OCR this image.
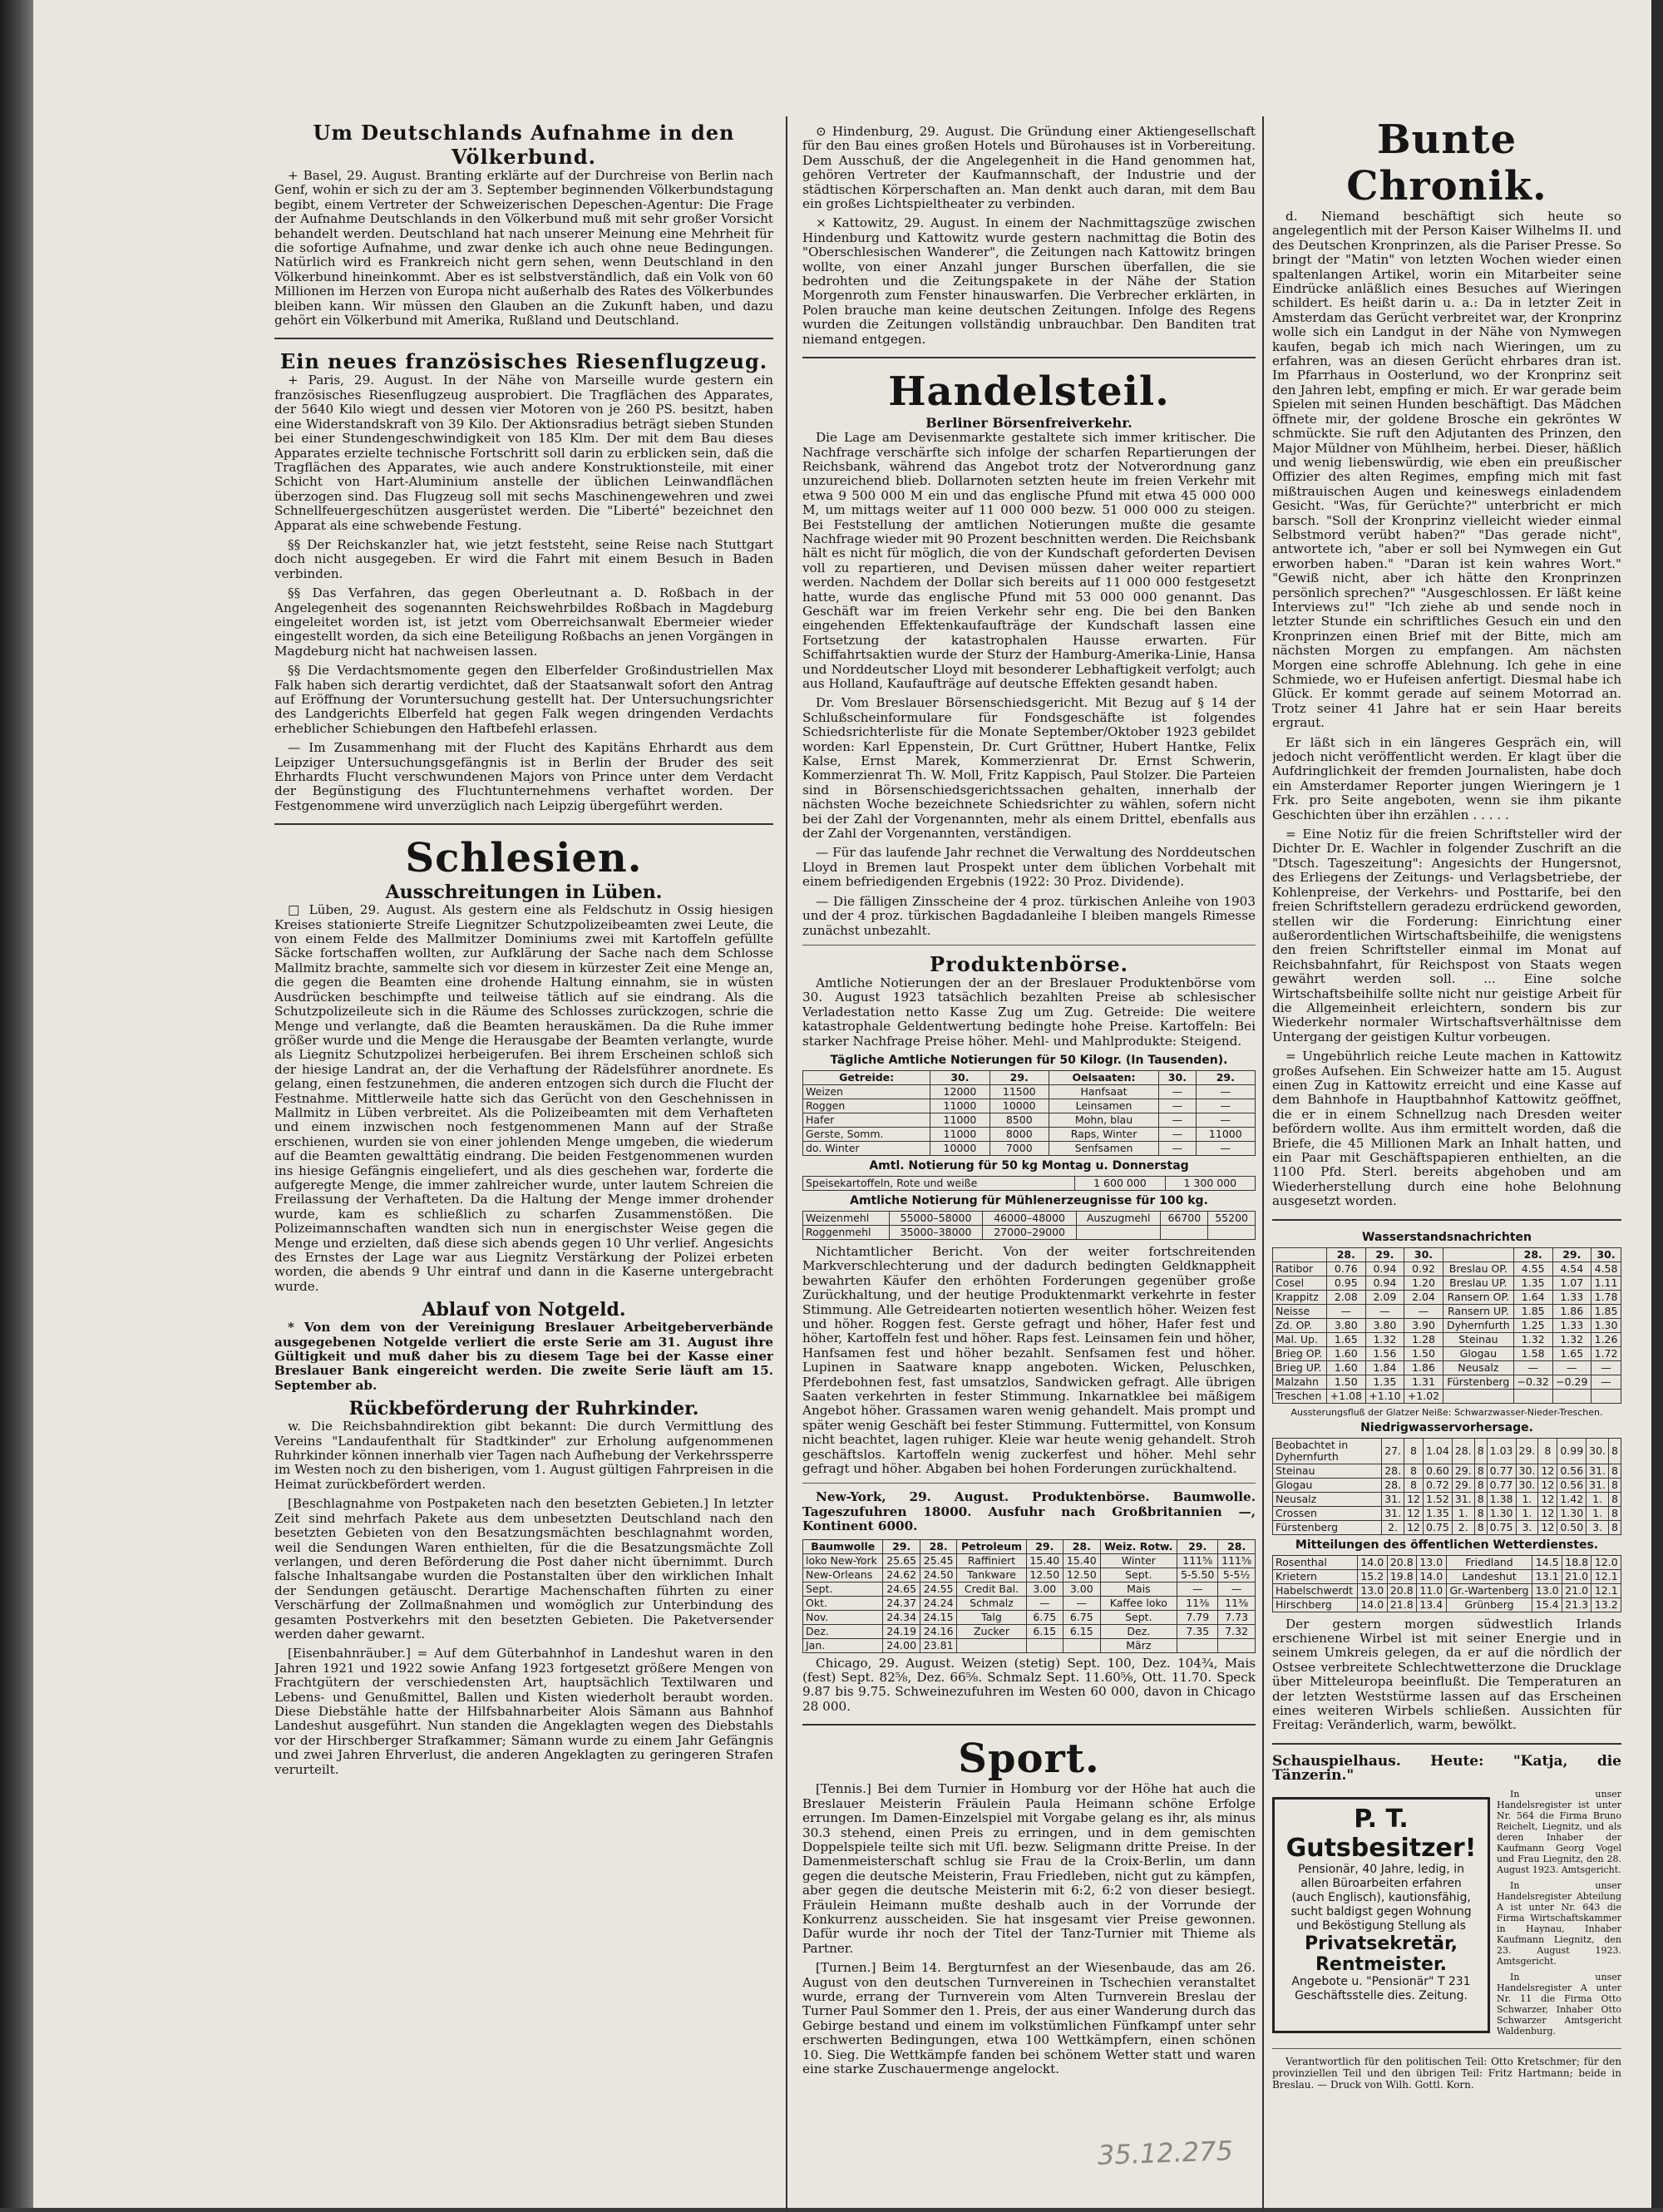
Um Deutschlands Aufnahme in den Völkerbund.

+ Basel, 29. August. Branting erklärte auf der Durchreise von Berlin nach Genf, wohin er sich zu der am 3. September beginnenden Völkerbundstagung begibt, einem Vertreter der Schweizerischen Depeschen-Agentur: Die Frage der Aufnahme Deutschlands in den Völkerbund muß mit sehr großer Vorsicht behandelt werden. Deutschland hat nach unserer Meinung eine Mehrheit für die sofortige Aufnahme, und zwar denke ich auch ohne neue Bedingungen. Natürlich wird es Frankreich nicht gern sehen, wenn Deutschland in den Völkerbund hineinkommt. Aber es ist selbstverständlich, daß ein Volk von 60 Millionen im Herzen von Europa nicht außerhalb des Rates des Völkerbundes bleiben kann. Wir müssen den Glauben an die Zukunft haben, und dazu gehört ein Völkerbund mit Amerika, Rußland und Deutschland.

Ein neues französisches Riesenflugzeug.

+ Paris, 29. August. In der Nähe von Marseille wurde gestern ein französisches Riesenflugzeug ausprobiert. Die Tragflächen des Apparates, der 5640 Kilo wiegt und dessen vier Motoren von je 260 PS. besitzt, haben eine Widerstandskraft von 39 Kilo. Der Aktionsradius beträgt sieben Stunden bei einer Stundengeschwindigkeit von 185 Klm. Der mit dem Bau dieses Apparates erzielte technische Fortschritt soll darin zu erblicken sein, daß die Tragflächen des Apparates, wie auch andere Konstruktionsteile, mit einer Schicht von Hart-Aluminium anstelle der üblichen Leinwandflächen überzogen sind. Das Flugzeug soll mit sechs Maschinengewehren und zwei Schnellfeuergeschützen ausgerüstet werden. Die "Liberté" bezeichnet den Apparat als eine schwebende Festung.

§§ Der Reichskanzler hat, wie jetzt feststeht, seine Reise nach Stuttgart doch nicht ausgegeben. Er wird die Fahrt mit einem Besuch in Baden verbinden.

§§ Das Verfahren, das gegen Oberleutnant a. D. Roßbach in der Angelegenheit des sogenannten Reichswehrbildes Roßbach in Magdeburg eingeleitet worden ist, ist jetzt vom Oberreichsanwalt Ebermeier wieder eingestellt worden, da sich eine Beteiligung Roßbachs an jenen Vorgängen in Magdeburg nicht hat nachweisen lassen.

§§ Die Verdachtsmomente gegen den Elberfelder Großindustriellen Max Falk haben sich derartig verdichtet, daß der Staatsanwalt sofort den Antrag auf Eröffnung der Voruntersuchung gestellt hat. Der Untersuchungsrichter des Landgerichts Elberfeld hat gegen Falk wegen dringenden Verdachts erheblicher Schiebungen den Haftbefehl erlassen.

— Im Zusammenhang mit der Flucht des Kapitäns Ehrhardt aus dem Leipziger Untersuchungsgefängnis ist in Berlin der Bruder des seit Ehrhardts Flucht verschwundenen Majors von Prince unter dem Verdacht der Begünstigung des Fluchtunternehmens verhaftet worden. Der Festgenommene wird unverzüglich nach Leipzig übergeführt werden.

Schlesien.

Ausschreitungen in Lüben.

□ Lüben, 29. August. Als gestern eine als Feldschutz in Ossig hiesigen Kreises stationierte Streife Liegnitzer Schutzpolizeibeamten zwei Leute, die von einem Felde des Mallmitzer Dominiums zwei mit Kartoffeln gefüllte Säcke fortschaffen wollten, zur Aufklärung der Sache nach dem Schlosse Mallmitz brachte, sammelte sich vor diesem in kürzester Zeit eine Menge an, die gegen die Beamten eine drohende Haltung einnahm, sie in wüsten Ausdrücken beschimpfte und teilweise tätlich auf sie eindrang. Als die Schutzpolizeileute sich in die Räume des Schlosses zurückzogen, schrie die Menge und verlangte, daß die Beamten herauskämen. Da die Ruhe immer größer wurde und die Menge die Herausgabe der Beamten verlangte, wurde als Liegnitz Schutzpolizei herbeigerufen. Bei ihrem Erscheinen schloß sich der hiesige Landrat an, der die Verhaftung der Rädelsführer anordnete. Es gelang, einen festzunehmen, die anderen entzogen sich durch die Flucht der Festnahme. Mittlerweile hatte sich das Gerücht von den Geschehnissen in Mallmitz in Lüben verbreitet. Als die Polizeibeamten mit dem Verhafteten und einem inzwischen noch festgenommenen Mann auf der Straße erschienen, wurden sie von einer johlenden Menge umgeben, die wiederum auf die Beamten gewalttätig eindrang. Die beiden Festgenommenen wurden ins hiesige Gefängnis eingeliefert, und als dies geschehen war, forderte die aufgeregte Menge, die immer zahlreicher wurde, unter lautem Schreien die Freilassung der Verhafteten. Da die Haltung der Menge immer drohender wurde, kam es schließlich zu scharfen Zusammenstößen. Die Polizeimannschaften wandten sich nun in energischster Weise gegen die Menge und erzielten, daß diese sich abends gegen 10 Uhr verlief. Angesichts des Ernstes der Lage war aus Liegnitz Verstärkung der Polizei erbeten worden, die abends 9 Uhr eintraf und dann in die Kaserne untergebracht wurde.

Ablauf von Notgeld.

* Von dem von der Vereinigung Breslauer Arbeitgeberverbände ausgegebenen Notgelde verliert die erste Serie am 31. August ihre Gültigkeit und muß daher bis zu diesem Tage bei der Kasse einer Breslauer Bank eingereicht werden. Die zweite Serie läuft am 15. September ab.

Rückbeförderung der Ruhrkinder.

w. Die Reichsbahndirektion gibt bekannt: Die durch Vermittlung des Vereins "Landaufenthalt für Stadtkinder" zur Erholung aufgenommenen Ruhrkinder können innerhalb vier Tagen nach Aufhebung der Verkehrssperre im Westen noch zu den bisherigen, vom 1. August gültigen Fahrpreisen in die Heimat zurückbefördert werden.

[Beschlagnahme von Postpaketen nach den besetzten Gebieten.] In letzter Zeit sind mehrfach Pakete aus dem unbesetzten Deutschland nach den besetzten Gebieten von den Besatzungsmächten beschlagnahmt worden, weil die Sendungen Waren enthielten, für die die Besatzungsmächte Zoll verlangen, und deren Beförderung die Post daher nicht übernimmt. Durch falsche Inhaltsangabe wurden die Postanstalten über den wirklichen Inhalt der Sendungen getäuscht. Derartige Machenschaften führten zu einer Verschärfung der Zollmaßnahmen und womöglich zur Unterbindung des gesamten Postverkehrs mit den besetzten Gebieten. Die Paketversender werden daher gewarnt.

[Eisenbahnräuber.] = Auf dem Güterbahnhof in Landeshut waren in den Jahren 1921 und 1922 sowie Anfang 1923 fortgesetzt größere Mengen von Frachtgütern der verschiedensten Art, hauptsächlich Textilwaren und Lebens- und Genußmittel, Ballen und Kisten wiederholt beraubt worden. Diese Diebstähle hatte der Hilfsbahnarbeiter Alois Sämann aus Bahnhof Landeshut ausgeführt. Nun standen die Angeklagten wegen des Diebstahls vor der Hirschberger Strafkammer; Sämann wurde zu einem Jahr Gefängnis und zwei Jahren Ehrverlust, die anderen Angeklagten zu geringeren Strafen verurteilt.

⊙ Hindenburg, 29. August. Die Gründung einer Aktiengesellschaft für den Bau eines großen Hotels und Bürohauses ist in Vorbereitung. Dem Ausschuß, der die Angelegenheit in die Hand genommen hat, gehören Vertreter der Kaufmannschaft, der Industrie und der städtischen Körperschaften an. Man denkt auch daran, mit dem Bau ein großes Lichtspieltheater zu verbinden.

× Kattowitz, 29. August. In einem der Nachmittagszüge zwischen Hindenburg und Kattowitz wurde gestern nachmittag die Botin des "Oberschlesischen Wanderer", die Zeitungen nach Kattowitz bringen wollte, von einer Anzahl junger Burschen überfallen, die sie bedrohten und die Zeitungspakete in der Nähe der Station Morgenroth zum Fenster hinauswarfen. Die Verbrecher erklärten, in Polen brauche man keine deutschen Zeitungen. Infolge des Regens wurden die Zeitungen vollständig unbrauchbar. Den Banditen trat niemand entgegen.

Handelsteil.

Berliner Börsenfreiverkehr.

Die Lage am Devisenmarkte gestaltete sich immer kritischer. Die Nachfrage verschärfte sich infolge der scharfen Repartierungen der Reichsbank, während das Angebot trotz der Notverordnung ganz unzureichend blieb. Dollarnoten setzten heute im freien Verkehr mit etwa 9 500 000 M ein und das englische Pfund mit etwa 45 000 000 M, um mittags weiter auf 11 000 000 bezw. 51 000 000 zu steigen. Bei Feststellung der amtlichen Notierungen mußte die gesamte Nachfrage wieder mit 90 Prozent beschnitten werden. Die Reichsbank hält es nicht für möglich, die von der Kundschaft geforderten Devisen voll zu repartieren, und Devisen müssen daher weiter repartiert werden. Nachdem der Dollar sich bereits auf 11 000 000 festgesetzt hatte, wurde das englische Pfund mit 53 000 000 genannt. Das Geschäft war im freien Verkehr sehr eng. Die bei den Banken eingehenden Effektenkaufaufträge der Kundschaft lassen eine Fortsetzung der katastrophalen Hausse erwarten. Für Schiffahrtsaktien wurde der Sturz der Hamburg-Amerika-Linie, Hansa und Norddeutscher Lloyd mit besonderer Lebhaftigkeit verfolgt; auch aus Holland, Kaufaufträge auf deutsche Effekten gesandt haben.

Dr. Vom Breslauer Börsenschiedsgericht. Mit Bezug auf § 14 der Schlußscheinformulare für Fondsgeschäfte ist folgendes Schiedsrichterliste für die Monate September/Oktober 1923 gebildet worden: Karl Eppenstein, Dr. Curt Grüttner, Hubert Hantke, Felix Kalse, Ernst Marek, Kommerzienrat Dr. Ernst Schwerin, Kommerzienrat Th. W. Moll, Fritz Kappisch, Paul Stolzer. Die Parteien sind in Börsenschiedsgerichtssachen gehalten, innerhalb der nächsten Woche bezeichnete Schiedsrichter zu wählen, sofern nicht bei der Zahl der Vorgenannten, mehr als einem Drittel, ebenfalls aus der Zahl der Vorgenannten, verständigen.

— Für das laufende Jahr rechnet die Verwaltung des Norddeutschen Lloyd in Bremen laut Prospekt unter dem üblichen Vorbehalt mit einem befriedigenden Ergebnis (1922: 30 Proz. Dividende).

— Die fälligen Zinsscheine der 4 proz. türkischen Anleihe von 1903 und der 4 proz. türkischen Bagdadanleihe I bleiben mangels Rimesse zunächst unbezahlt.

Produktenbörse.

Amtliche Notierungen der an der Breslauer Produktenbörse vom 30. August 1923 tatsächlich bezahlten Preise ab schlesischer Verladestation netto Kasse Zug um Zug. Getreide: Die weitere katastrophale Geldentwertung bedingte hohe Preise. Kartoffeln: Bei starker Nachfrage Preise höher. Mehl- und Mahlprodukte: Steigend.

Tägliche Amtliche Notierungen für 50 Kilogr. (In Tausenden).
Getreide:	30.	29.	Oelsaaten:	30.	29.
Weizen	12000	11500	Hanfsaat	—	—
Roggen	11000	10000	Leinsamen	—	—
Hafer	11000	8500	Mohn, blau	—	—
Gerste, Somm.	11000	8000	Raps, Winter	—	11000
do. Winter	10000	7000	Senfsamen	—	—
Amtl. Notierung für 50 kg Montag u. Donnerstag
Speisekartoffeln, Rote und weiße	1 600 000	1 300 000
Amtliche Notierung für Mühlenerzeugnisse für 100 kg.
Weizenmehl	55000–58000	46000–48000	Auszugmehl	66700	55200
Roggenmehl	35000–38000	27000–29000			

Nichtamtlicher Bericht. Von der weiter fortschreitenden Markverschlechterung und der dadurch bedingten Geldknappheit bewahrten Käufer den erhöhten Forderungen gegenüber große Zurückhaltung, und der heutige Produktenmarkt verkehrte in fester Stimmung. Alle Getreidearten notierten wesentlich höher. Weizen fest und höher. Roggen fest. Gerste gefragt und höher, Hafer fest und höher, Kartoffeln fest und höher. Raps fest. Leinsamen fein und höher, Hanfsamen fest und höher bezahlt. Senfsamen fest und höher. Lupinen in Saatware knapp angeboten. Wicken, Peluschken, Pferdebohnen fest, fast umsatzlos, Sandwicken gefragt. Alle übrigen Saaten verkehrten in fester Stimmung. Inkarnatklee bei mäßigem Angebot höher. Grassamen waren wenig gehandelt. Mais prompt und später wenig Geschäft bei fester Stimmung. Futtermittel, von Konsum nicht beachtet, lagen ruhiger. Kleie war heute wenig gehandelt. Stroh geschäftslos. Kartoffeln wenig zuckerfest und höher. Mehl sehr gefragt und höher. Abgaben bei hohen Forderungen zurückhaltend.

New-York, 29. August. Produktenbörse. Baumwolle. Tageszufuhren 18000. Ausfuhr nach Großbritannien —, Kontinent 6000.

Baumwolle	29.	28.	Petroleum	29.	28.	Weiz. Rotw.	29.	28.
loko New-York	25.65	25.45	Raffiniert	15.40	15.40	Winter	111⅝	111⅝
New-Orleans	24.62	24.50	Tankware	12.50	12.50	Sept.	5-5.50	5-5½
Sept.	24.65	24.55	Credit Bal.	3.00	3.00	Mais	—	—
Okt.	24.37	24.24	Schmalz	—	—	Kaffee loko	11⅜	11⅜
Nov.	24.34	24.15	Talg	6.75	6.75	Sept.	7.79	7.73
Dez.	24.19	24.16	Zucker	6.15	6.15	Dez.	7.35	7.32
Jan.	24.00	23.81				März		

Chicago, 29. August. Weizen (stetig) Sept. 100, Dez. 104¾, Mais (fest) Sept. 82⅝, Dez. 66⅝. Schmalz Sept. 11.60⅝, Ott. 11.70. Speck 9.87 bis 9.75. Schweinezufuhren im Westen 60 000, davon in Chicago 28 000.

Sport.

[Tennis.] Bei dem Turnier in Homburg vor der Höhe hat auch die Breslauer Meisterin Fräulein Paula Heimann schöne Erfolge errungen. Im Damen-Einzelspiel mit Vorgabe gelang es ihr, als minus 30.3 stehend, einen Preis zu erringen, und in dem gemischten Doppelspiele teilte sich mit Ufl. bezw. Seligmann dritte Preise. In der Damenmeisterschaft schlug sie Frau de la Croix-Berlin, um dann gegen die deutsche Meisterin, Frau Friedleben, nicht gut zu kämpfen, aber gegen die deutsche Meisterin mit 6:2, 6:2 von dieser besiegt. Fräulein Heimann mußte deshalb auch in der Vorrunde der Konkurrenz ausscheiden. Sie hat insgesamt vier Preise gewonnen. Dafür wurde ihr noch der Titel der Tanz-Turnier mit Thieme als Partner.

[Turnen.] Beim 14. Bergturnfest an der Wiesenbaude, das am 26. August von den deutschen Turnvereinen in Tschechien veranstaltet wurde, errang der Turnverein vom Alten Turnverein Breslau der Turner Paul Sommer den 1. Preis, der aus einer Wanderung durch das Gebirge bestand und einem im volkstümlichen Fünfkampf unter sehr erschwerten Bedingungen, etwa 100 Wettkämpfern, einen schönen 10. Sieg. Die Wettkämpfe fanden bei schönem Wetter statt und waren eine starke Zuschauermenge angelockt.

Bunte Chronik.

d. Niemand beschäftigt sich heute so angelegentlich mit der Person Kaiser Wilhelms II. und des Deutschen Kronprinzen, als die Pariser Presse. So bringt der "Matin" von letzten Wochen wieder einen spaltenlangen Artikel, worin ein Mitarbeiter seine Eindrücke anläßlich eines Besuches auf Wieringen schildert. Es heißt darin u. a.: Da in letzter Zeit in Amsterdam das Gerücht verbreitet war, der Kronprinz wolle sich ein Landgut in der Nähe von Nymwegen kaufen, begab ich mich nach Wieringen, um zu erfahren, was an diesen Gerücht ehrbares dran ist. Im Pfarrhaus in Oosterlund, wo der Kronprinz seit den Jahren lebt, empfing er mich. Er war gerade beim Spielen mit seinen Hunden beschäftigt. Das Mädchen öffnete mir, der goldene Brosche ein gekröntes W schmückte. Sie ruft den Adjutanten des Prinzen, den Major Müldner von Mühlheim, herbei. Dieser, häßlich und wenig liebenswürdig, wie eben ein preußischer Offizier des alten Regimes, empfing mich mit fast mißtrauischen Augen und keineswegs einladendem Gesicht. "Was, für Gerüchte?" unterbricht er mich barsch. "Soll der Kronprinz vielleicht wieder einmal Selbstmord verübt haben?" "Das gerade nicht", antwortete ich, "aber er soll bei Nymwegen ein Gut erworben haben." "Daran ist kein wahres Wort." "Gewiß nicht, aber ich hätte den Kronprinzen persönlich sprechen?" "Ausgeschlossen. Er läßt keine Interviews zu!" "Ich ziehe ab und sende noch in letzter Stunde ein schriftliches Gesuch ein und den Kronprinzen einen Brief mit der Bitte, mich am nächsten Morgen zu empfangen. Am nächsten Morgen eine schroffe Ablehnung. Ich gehe in eine Schmiede, wo er Hufeisen anfertigt. Diesmal habe ich Glück. Er kommt gerade auf seinem Motorrad an. Trotz seiner 41 Jahre hat er sein Haar bereits ergraut.

Er läßt sich in ein längeres Gespräch ein, will jedoch nicht veröffentlicht werden. Er klagt über die Aufdringlichkeit der fremden Journalisten, habe doch ein Amsterdamer Reporter jungen Wieringern je 1 Frk. pro Seite angeboten, wenn sie ihm pikante Geschichten über ihn erzählen . . . . .

= Eine Notiz für die freien Schriftsteller wird der Dichter Dr. E. Wachler in folgender Zuschrift an die "Dtsch. Tageszeitung": Angesichts der Hungersnot, des Erliegens der Zeitungs- und Verlagsbetriebe, der Kohlenpreise, der Verkehrs- und Posttarife, bei den freien Schriftstellern geradezu erdrückend geworden, stellen wir die Forderung: Einrichtung einer außerordentlichen Wirtschaftsbeihilfe, die wenigstens den freien Schriftsteller einmal im Monat auf Reichsbahnfahrt, für Reichspost von Staats wegen gewährt werden soll. ... Eine solche Wirtschaftsbeihilfe sollte nicht nur geistige Arbeit für die Allgemeinheit erleichtern, sondern bis zur Wiederkehr normaler Wirtschaftsverhältnisse dem Untergang der geistigen Kultur vorbeugen.

= Ungebührlich reiche Leute machen in Kattowitz großes Aufsehen. Ein Schweizer hatte am 15. August einen Zug in Kattowitz erreicht und eine Kasse auf dem Bahnhofe in Hauptbahnhof Kattowitz geöffnet, die er in einem Schnellzug nach Dresden weiter befördern wollte. Aus ihm ermittelt worden, daß die Briefe, die 45 Millionen Mark an Inhalt hatten, und ein Paar mit Geschäftspapieren enthielten, an die 1100 Pfd. Sterl. bereits abgehoben und am Wiederherstellung durch eine hohe Belohnung ausgesetzt worden.

Wasserstandsnachrichten
	28.	29.	30.		28.	29.	30.
Ratibor	0.76	0.94	0.92	Breslau OP.	4.55	4.54	4.58
Cosel	0.95	0.94	1.20	Breslau UP.	1.35	1.07	1.11
Krappitz	2.08	2.09	2.04	Ransern OP.	1.64	1.33	1.78
Neisse	—	—	—	Ransern UP.	1.85	1.86	1.85
Zd. OP.	3.80	3.80	3.90	Dyhernfurth	1.25	1.33	1.30
Mal. Up.	1.65	1.32	1.28	Steinau	1.32	1.32	1.26
Brieg OP.	1.60	1.56	1.50	Glogau	1.58	1.65	1.72
Brieg UP.	1.60	1.84	1.86	Neusalz	—	—	—
Malzahn	1.50	1.35	1.31	Fürstenberg	−0.32	−0.29	—
Treschen	+1.08	+1.10	+1.02				
Aussterungsfluß der Glatzer Neiße: Schwarzwasser-Nieder-Treschen.
Niedrigwasservorhersage.
Beobachtet in Dyhernfurth	27.	8	1.04	28.	8	1.03	29.	8	0.99	30.	8
Steinau	28.	8	0.60	29.	8	0.77	30.	12	0.56	31.	8
Glogau	28.	8	0.72	29.	8	0.77	30.	12	0.56	31.	8
Neusalz	31.	12	1.52	31.	8	1.38	1.	12	1.42	1.	8
Crossen	31.	12	1.35	1.	8	1.30	1.	12	1.30	1.	8
Fürstenberg	2.	12	0.75	2.	8	0.75	3.	12	0.50	3.	8
Mitteilungen des öffentlichen Wetterdienstes.
Rosenthal	14.0	20.8	13.0	Friedland	14.5	18.8	12.0
Krietern	15.2	19.8	14.0	Landeshut	13.1	21.0	12.1
Habelschwerdt	13.0	20.8	11.0	Gr.-Wartenberg	13.0	21.0	12.1
Hirschberg	14.0	21.8	13.4	Grünberg	15.4	21.3	13.2

Der gestern morgen südwestlich Irlands erschienene Wirbel ist mit seiner Energie und in seinem Umkreis gelegen, da er auf die nördlich der Ostsee verbreitete Schlechtwetterzone die Drucklage über Mitteleuropa beeinflußt. Die Temperaturen an der letzten Weststürme lassen auf das Erscheinen eines weiteren Wirbels schließen. Aussichten für Freitag: Veränderlich, warm, bewölkt.

Schauspielhaus. Heute: "Katja, die Tänzerin."

P. T. Gutsbesitzer!
Pensionär, 40 Jahre, ledig, in allen Büroarbeiten erfahren (auch Englisch), kautionsfähig, sucht baldigst gegen Wohnung und Beköstigung Stellung als
Privatsekretär, Rentmeister.
Angebote u. "Pensionär" T 231 Geschäftsstelle dies. Zeitung.

In unser Handelsregister ist unter Nr. 564 die Firma Bruno Reichelt, Liegnitz, und als deren Inhaber der Kaufmann Georg Vogel und Frau Liegnitz, den 28. August 1923. Amtsgericht.

In unser Handelsregister Abteilung A ist unter Nr. 643 die Firma Wirtschaftskammer in Haynau, Inhaber Kaufmann Liegnitz, den 23. August 1923. Amtsgericht.

In unser Handelsregister A unter Nr. 11 die Firma Otto Schwarzer, Inhaber Otto Schwarzer Amtsgericht Waldenburg.

Verantwortlich für den politischen Teil: Otto Kretschmer; für den provinziellen Teil und den übrigen Teil: Fritz Hartmann; beide in Breslau. — Druck von Wilh. Gottl. Korn.

35.12.275
